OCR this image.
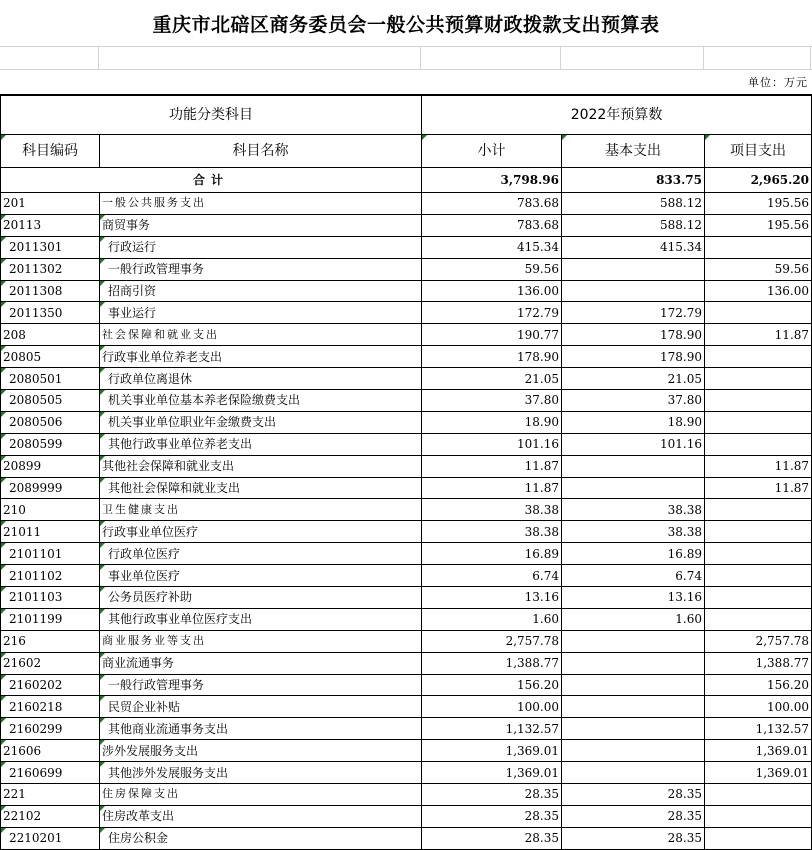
重庆市北碚区商务委员会一般公共预算财政拨款支出预算表
单位：万元
功能分类科目		2022年预算数		
科目编码	科目名称	小计	基本支出	项目支出
合计		3,798.96	833.75	2,965.20
201	一般公共服务支出	783.68	588.12	195.56
20113	商贸事务	783.68	588.12	195.56
2011301	行政运行	415.34	415.34	
2011302	一般行政管理事务	59.56		59.56
2011308	招商引资	136.00		136.00
2011350	事业运行	172.79	172.79	
208	社会保障和就业支出	190.77	178.90	11.87
20805	行政事业单位养老支出	178.90	178.90	
2080501	行政单位离退休	21.05	21.05	
2080505	机关事业单位基本养老保险缴费支出	37.80	37.80	
2080506	机关事业单位职业年金缴费支出	18.90	18.90	
2080599	其他行政事业单位养老支出	101.16	101.16	
20899	其他社会保障和就业支出	11.87		11.87
2089999	其他社会保障和就业支出	11.87		11.87
210	卫生健康支出	38.38	38.38	
21011	行政事业单位医疗	38.38	38.38	
2101101	行政单位医疗	16.89	16.89	
2101102	事业单位医疗	6.74	6.74	
2101103	公务员医疗补助	13.16	13.16	
2101199	其他行政事业单位医疗支出	1.60	1.60	
216	商业服务业等支出	2,757.78		2,757.78
21602	商业流通事务	1,388.77		1,388.77
2160202	一般行政管理事务	156.20		156.20
2160218	民贸企业补贴	100.00		100.00
2160299	其他商业流通事务支出	1,132.57		1,132.57
21606	涉外发展服务支出	1,369.01		1,369.01
2160699	其他涉外发展服务支出	1,369.01		1,369.01
221	住房保障支出	28.35	28.35	
22102	住房改革支出	28.35	28.35	
2210201	住房公积金	28.35	28.35	
